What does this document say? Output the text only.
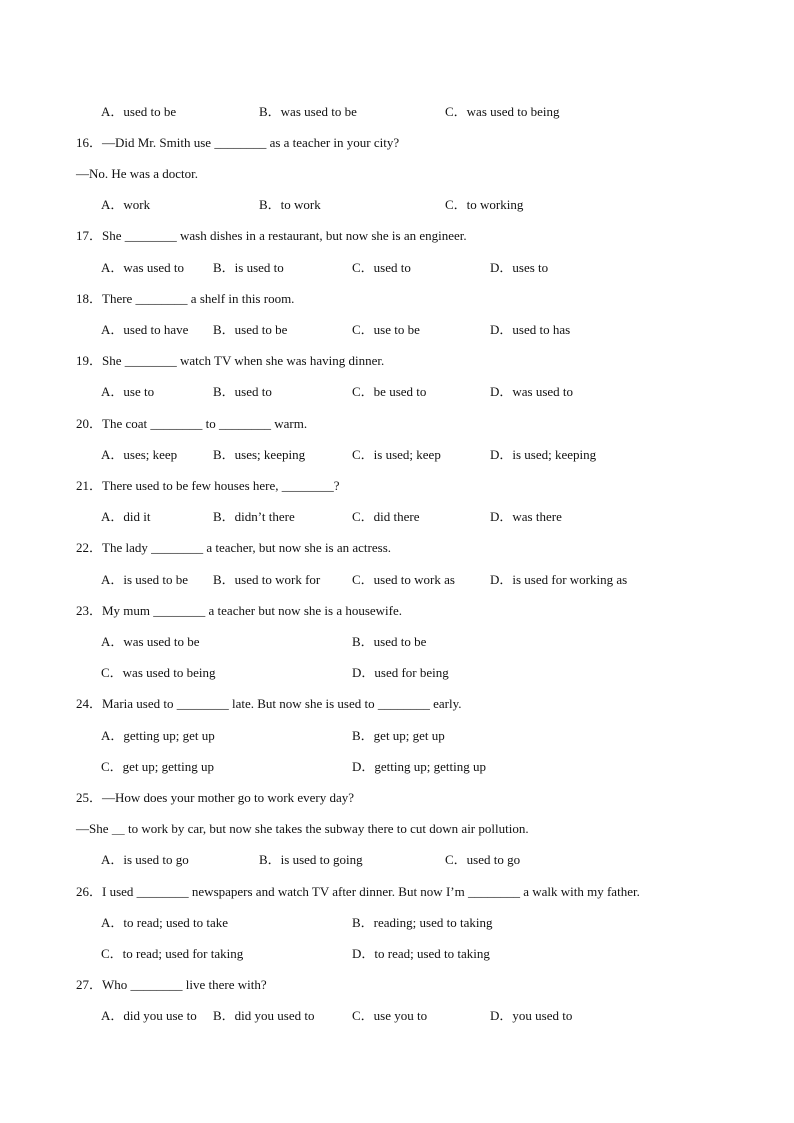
A．used to be	B．was used to be	C．was used to being
16．—Did Mr. Smith use ________ as a teacher in your city?
—No. He was a doctor.
A．work	B．to work	C．to working
17．She ________ wash dishes in a restaurant, but now she is an engineer.
A．was used to B．is used to	C．used to	D．uses to
18．There ________ a shelf in this room.
A．used to have B．used to be	C．use to be	D．used to has
19．She ________ watch TV when she was having dinner.
A．use to	B．used to	C．be used to	D．was used to
20．The coat ________ to ________ warm.
A．uses; keep	B．uses; keeping	C．is used; keep	D．is used; keeping
21．There used to be few houses here, ________?
A．did it	B．didn’t there	C．did there	D．was there
22．The lady ________ a teacher, but now she is an actress.
A．is used to be B．used to work for C．used to work as	D．is used for working as
23．My mum ________ a teacher but now she is a housewife.
A．was used to be	B．used to be
C．was used to being	D．used for being
24．Maria used to ________ late. But now she is used to ________ early.
A．getting up; get up	B．get up; get up
C．get up; getting up	D．getting up; getting up
25．—How does your mother go to work every day?
—She ＿ to work by car, but now she takes the subway there to cut down air pollution.
A．is used to go	B．is used to going	C．used to go
26．I used ________ newspapers and watch TV after dinner. But now I’m ________ a walk with my father.
A．to read; used to take	B．reading; used to taking
C．to read; used for taking	D．to read; used to taking
27．Who ________ live there with?
A．did you use to B．did you used to	C．use you to	D．you used to
